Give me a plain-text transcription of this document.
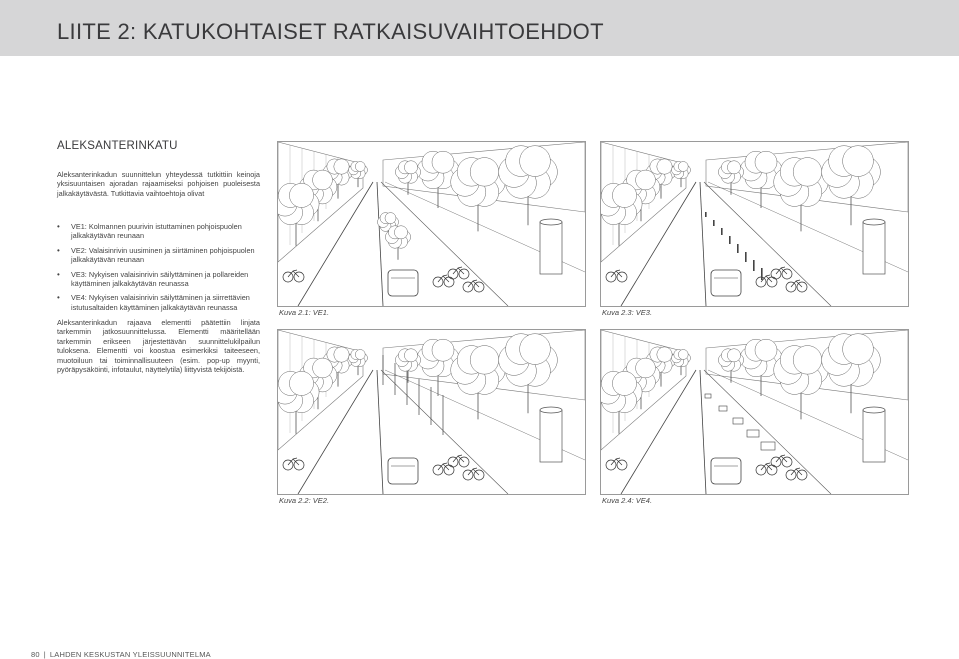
LIITE 2: KATUKOHTAISET RATKAISUVAIHTOEHDOT
ALEKSANTERINKATU
Aleksanterinkadun suunnittelun yhteydessä tutkittiin keinoja yksisuuntaisen ajoradan rajaamiseksi pohjoisen puoleisesta jalkakäytävästä. Tutkittavia vaihtoehtoja olivat
• VE1: Kolmannen puurivin istuttaminen pohjoispuolen jalkakäytävän reunaan
• VE2: Valaisinrivin uusiminen ja siirtäminen pohjoispuolen jalkakäytävän reunaan
• VE3: Nykyisen valaisinrivin säilyttäminen ja pollareiden käyttäminen jalkakäytävän reunassa
• VE4: Nykyisen valaisinrivin säilyttäminen ja siirrettävien istutusaltaiden käyttäminen jalkakäytävän reunassa
Aleksanterinkadun rajaava elementti päätettiin linjata tarkemmin jatkosuunnittelussa. Elementti määritellään tarkemmin erikseen järjestettävän suunnittelukilpailun tuloksena. Elementti voi koostua esimerkiksi taiteeseen, muotoiluun tai toiminnallisuuteen (esim. pop-up myynti, pyöräpysäköinti, infotaulut, näyttelytila) liittyvistä tekijöistä.
Kuva 2.1: VE1.	Kuva 2.3: VE3.
Kuva 2.2: VE2.	Kuva 2.4: VE4.
80 | LAHDEN KESKUSTAN YLEISSUUNNITELMA
